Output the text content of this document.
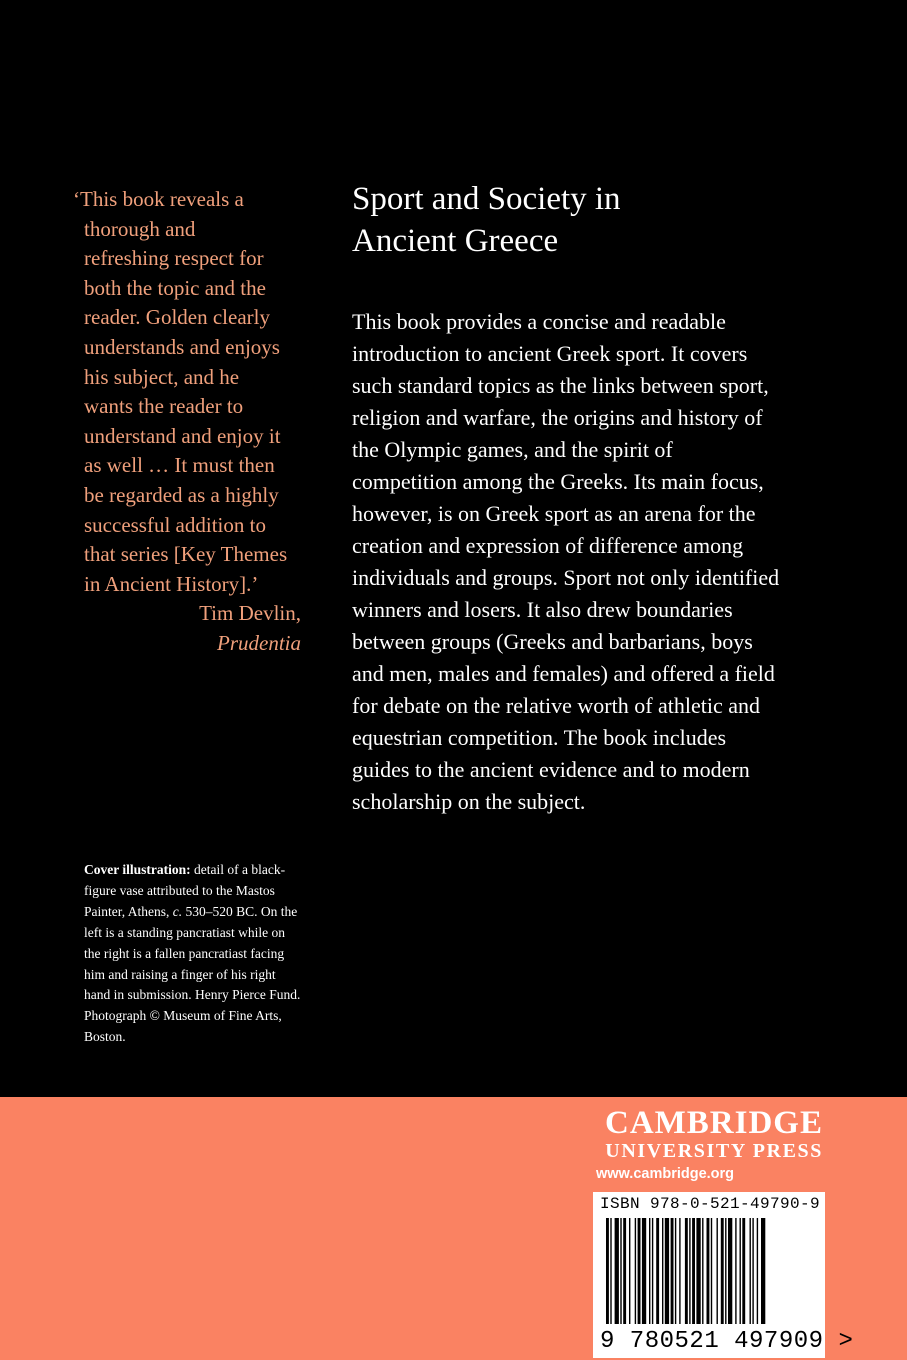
‘This book reveals a
thorough and
refreshing respect for
both the topic and the
reader. Golden clearly
understands and enjoys
his subject, and he
wants the reader to
understand and enjoy it
as well … It must then
be regarded as a highly
successful addition to
that series [Key Themes
in Ancient History].’
Tim Devlin,
Prudentia
Sport and Society in
Ancient Greece
This book provides a concise and readable
introduction to ancient Greek sport. It covers
such standard topics as the links between sport,
religion and warfare, the origins and history of
the Olympic games, and the spirit of
competition among the Greeks. Its main focus,
however, is on Greek sport as an arena for the
creation and expression of difference among
individuals and groups. Sport not only identified
winners and losers. It also drew boundaries
between groups (Greeks and barbarians, boys
and men, males and females) and offered a field
for debate on the relative worth of athletic and
equestrian competition. The book includes
guides to the ancient evidence and to modern
scholarship on the subject.
Cover illustration: detail of a black-
figure vase attributed to the Mastos
Painter, Athens, c. 530–520 BC. On the
left is a standing pancratiast while on
the right is a fallen pancratiast facing
him and raising a finger of his right
hand in submission. Henry Pierce Fund.
Photograph © Museum of Fine Arts,
Boston.
CAMBRIDGE
UNIVERSITY PRESS
www.cambridge.org
ISBN 978-0-521-49790-9
9 780521 497909 >
